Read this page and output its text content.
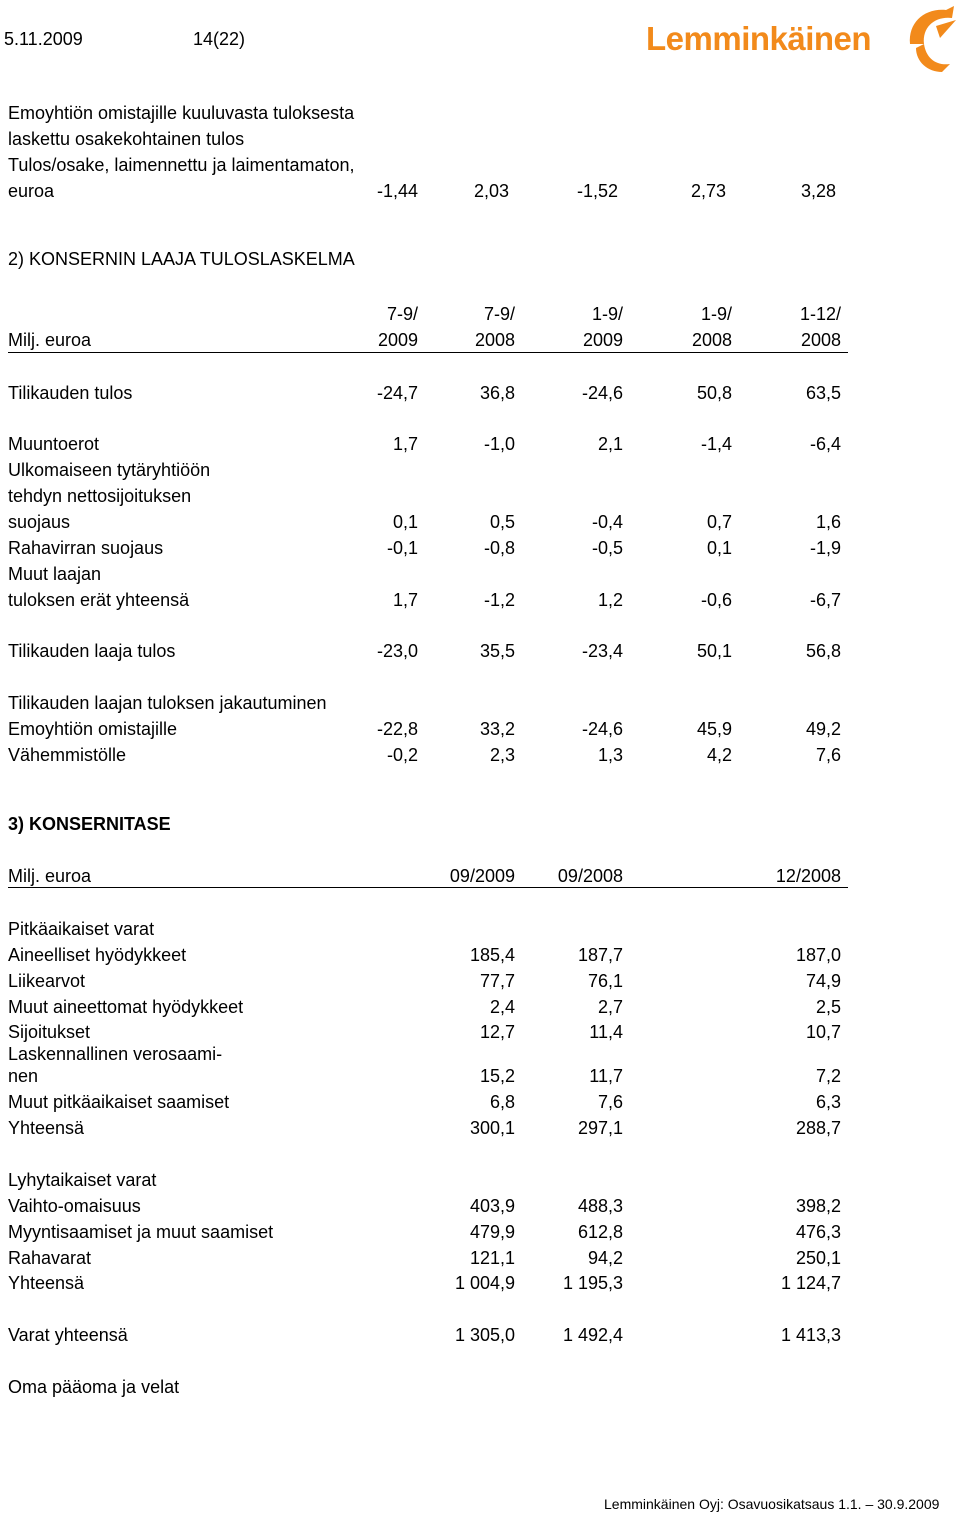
5.11.2009	14(22)	Lemminkäinen
Emoyhtiön omistajille kuuluvasta tuloksesta
laskettu osakekohtainen tulos
Tulos/osake, laimennettu ja laimentamaton,
euroa	-1,44	2,03	-1,52	2,73	3,28
2) KONSERNIN LAAJA TULOSLASKELMA
7-9/	7-9/	1-9/	1-9/	1-12/
Milj. euroa	2009	2008	2009	2008	2008
Tilikauden tulos	-24,7	36,8	-24,6	50,8	63,5
Muuntoerot	1,7	-1,0	2,1	-1,4	-6,4
Ulkomaiseen tytäryhtiöön
tehdyn nettosijoituksen
suojaus	0,1	0,5	-0,4	0,7	1,6
Rahavirran suojaus	-0,1	-0,8	-0,5	0,1	-1,9
Muut laajan
tuloksen erät yhteensä	1,7	-1,2	1,2	-0,6	-6,7
Tilikauden laaja tulos	-23,0	35,5	-23,4	50,1	56,8
Tilikauden laajan tuloksen jakautuminen
Emoyhtiön omistajille	-22,8	33,2	-24,6	45,9	49,2
Vähemmistölle	-0,2	2,3	1,3	4,2	7,6
3) KONSERNITASE
Milj. euroa	09/2009 09/2008	12/2008
Pitkäaikaiset varat
Aineelliset hyödykkeet	185,4	187,7	187,0
Liikearvot	77,7	76,1	74,9
Muut aineettomat hyödykkeet	2,4	2,7	2,5
Sijoitukset	12,7	11,4	10,7
Laskennallinen verosaami-
nen	15,2	11,7	7,2
Muut pitkäaikaiset saamiset	6,8	7,6	6,3
Yhteensä	300,1	297,1	288,7
Lyhytaikaiset varat
Vaihto-omaisuus	403,9	488,3	398,2
Myyntisaamiset ja muut saamiset	479,9	612,8	476,3
Rahavarat	121,1	94,2	250,1
Yhteensä	1 004,9	1 195,3	1 124,7
Varat yhteensä	1 305,0	1 492,4	1 413,3
Oma pääoma ja velat
Lemminkäinen Oyj: Osavuosikatsaus 1.1. – 30.9.2009
